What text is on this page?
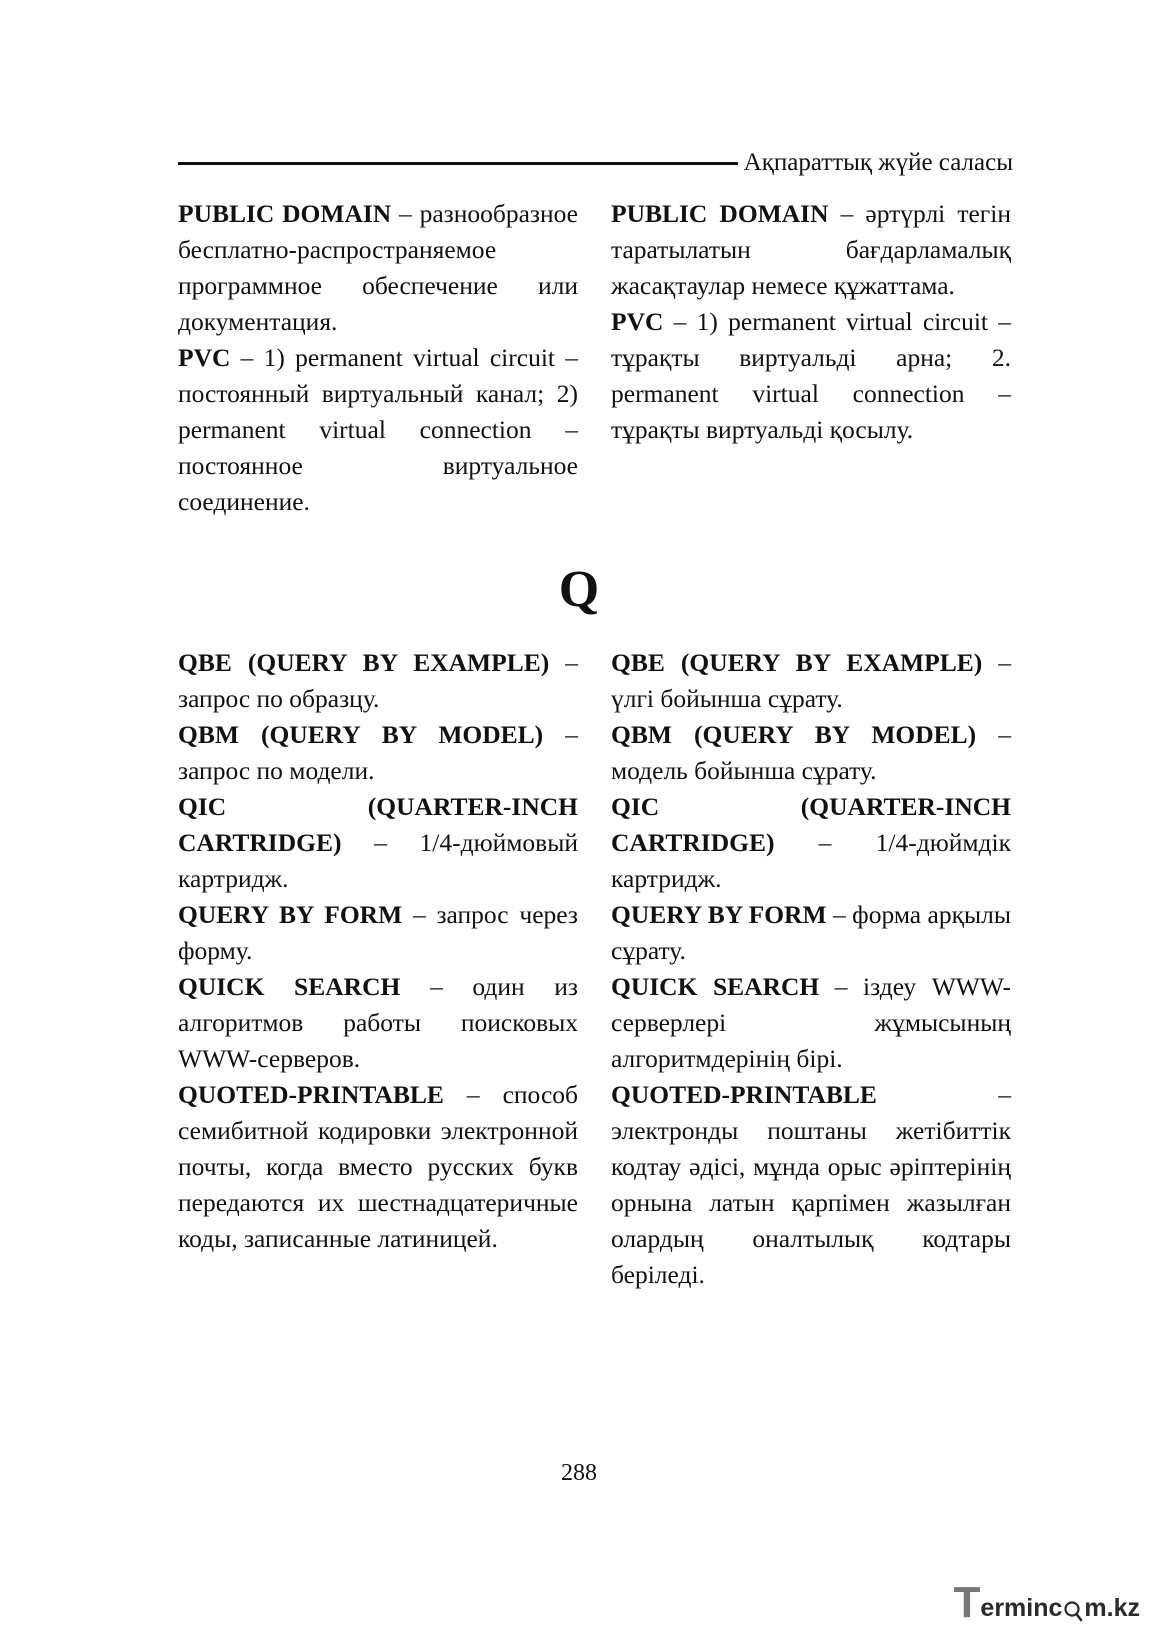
Ақпараттық жүйе саласы

PUBLIC DOMAIN – разнообразное бесплатно-распространяемое программное обеспечение или документация.

PVC – 1) permanent virtual circuit – постоянный виртуальный канал; 2) permanent virtual connection – постоянное виртуальное соединение.

PUBLIC DOMAIN – әртүрлі тегін таратылатын бағдарламалық жасақтаулар немесе құжаттама.

PVC – 1) permanent virtual circuit – тұрақты виртуальді арна; 2. permanent virtual connection – тұрақты виртуальді қосылу.

Q

QBE (QUERY BY EXAMPLE) – запрос по образцу.

QBM (QUERY BY MODEL) – запрос по модели.

QIC (QUARTER-INCH CARTRIDGE) – 1/4-дюймовый картридж.

QUERY BY FORM – запрос через форму.

QUICK SEARCH – один из алгоритмов работы поисковых WWW-серверов.

QUOTED-PRINTABLE – способ семибитной кодировки электронной почты, когда вместо русских букв передаются их шестнадцатеричные коды, записанные латиницей.

QBE (QUERY BY EXAMPLE) – үлгі бойынша сұрату.

QBM (QUERY BY MODEL) – модель бойынша сұрату.

QIC (QUARTER-INCH CARTRIDGE) – 1/4-дюймдік картридж.

QUERY BY FORM – форма арқылы сұрату.

QUICK SEARCH – іздеу WWW-серверлері жұмысының алгоритмдерінің бірі.

QUOTED-PRINTABLE –электронды поштаны жетібиттік кодтау әдісі, мұнда орыс әріптерінің орнына латын қарпімен жазылған олардың оналтылық кодтары беріледі.

288
T erminc m.kz
